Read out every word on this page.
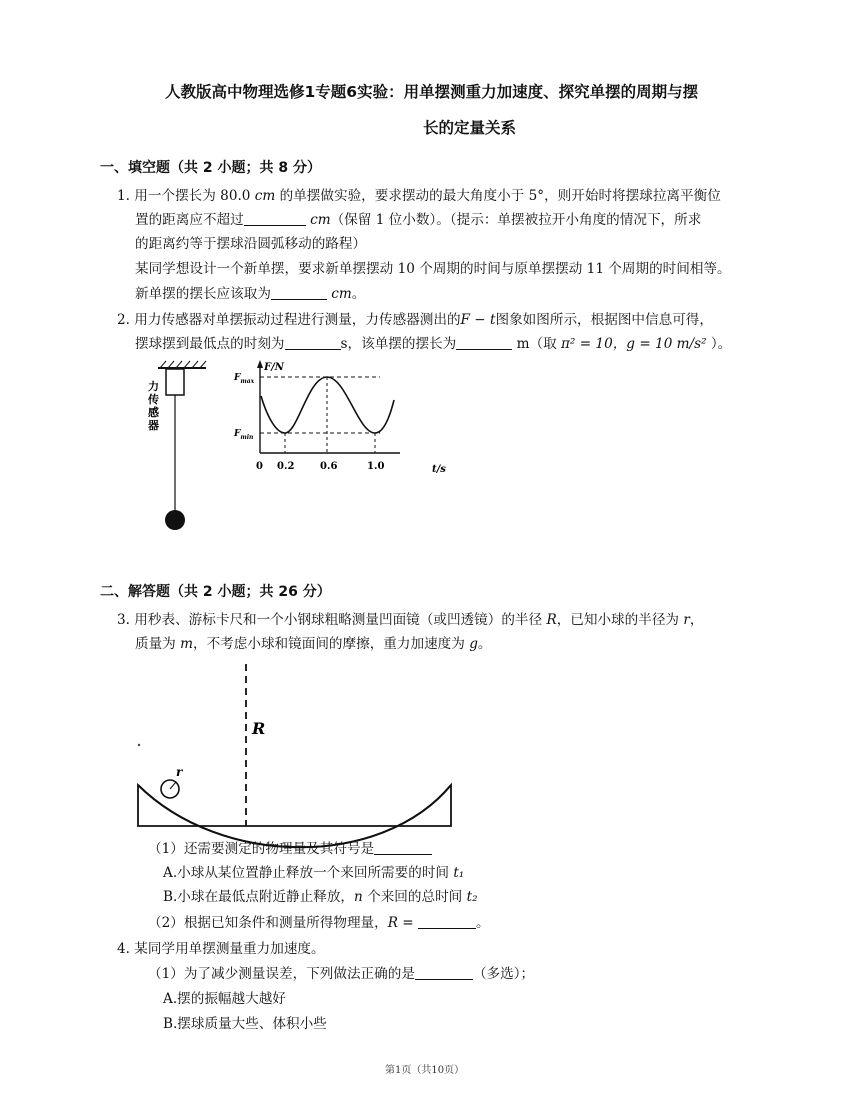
人教版高中物理选修1专题6实验：用单摆测重力加速度、探究单摆的周期与摆
长的定量关系
一、填空题（共 2 小题；共 8 分）
1. 用一个摆长为 80.0 cm 的单摆做实验，要求摆动的最大角度小于 5°，则开始时将摆球拉离平衡位
置的距离应不超过	cm（保留 1 位小数）。（提示：单摆被拉开小角度的情况下，所求
的距离约等于摆球沿圆弧移动的路程）
某同学想设计一个新单摆，要求新单摆摆动 10 个周期的时间与原单摆摆动 11 个周期的时间相等。
新单摆的摆长应该取为	cm。
2. 用力传感器对单摆振动过程进行测量，力传感器测出的F − t图象如图所示，根据图中信息可得，
摆球摆到最低点的时刻为	s，该单摆的摆长为	m（取 π² = 10，g = 10 m/s² ）。
力传感器
F/N
$F_{max}$
$F_{min}$
0 0.2	0.6	1.0	t/s
二、解答题（共 2 小题；共 26 分）
3. 用秒表、游标卡尺和一个小钢球粗略测量凹面镜（或凹透镜）的半径 R，已知小球的半径为 r，
质量为 m，不考虑小球和镜面间的摩擦，重力加速度为 g。
R
r
（1）还需要测定的物理量及其符号是
A.小球从某位置静止释放一个来回所需要的时间 t₁
B.小球在最低点附近静止释放，n 个来回的总时间 t₂
（2）根据已知条件和测量所得物理量，R =	。
4. 某同学用单摆测量重力加速度。
（1）为了减少测量误差，下列做法正确的是	（多选）；
A.摆的振幅越大越好
B.摆球质量大些、体积小些
第1页（共10页）
